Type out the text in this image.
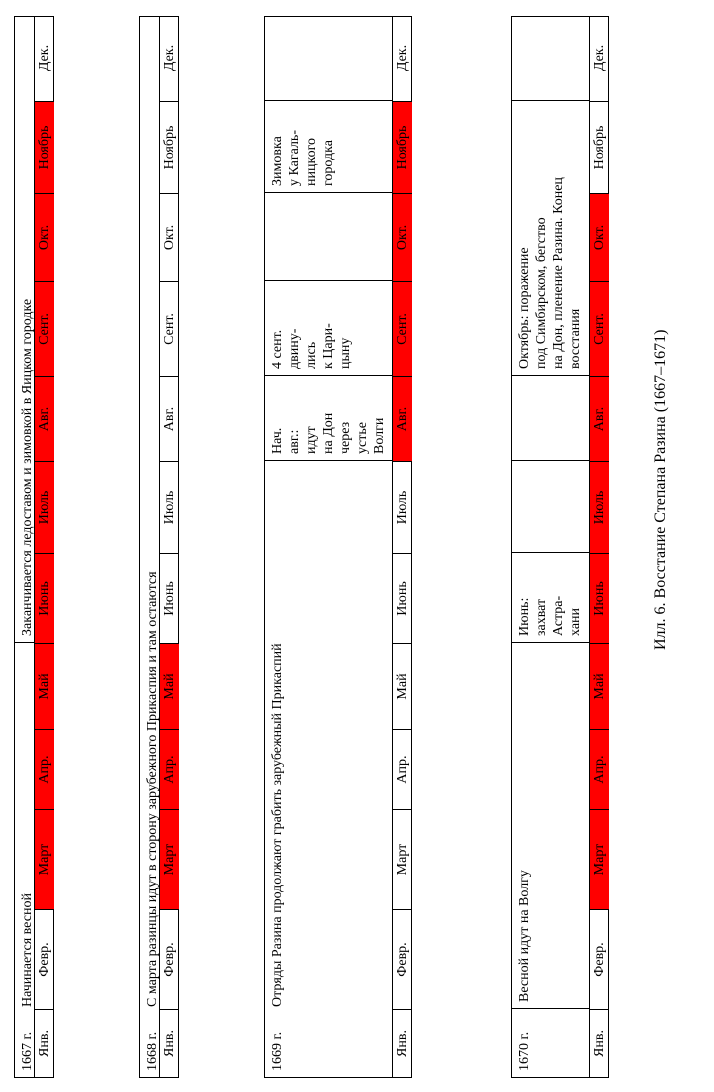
1667 г.
Начинается весной
Заканчивается ледоставом и зимовкой в Яицком городке
Янв.
Февр.
Март
Апр.
Май
Июнь
Июль
Авг.
Сент.
Окт.
Ноябрь
Дек.
1668 г.
С марта разинцы идут в сторону зарубежного Прикаспия и там остаются
Янв.
Февр.
Март
Апр.
Май
Июнь
Июль
Авг.
Сент.
Окт.
Ноябрь
Дек.
1669 г.
Отряды Разина продолжают грабить зарубежный Прикаспий
Нач.
авг.:
идут
на Дон
через
устье
Волги
4 сент.
двину-
лись
к Цари-
цыну
Зимовка
у Кагаль-
ницкого
городка
Янв.
Февр.
Март
Апр.
Май
Июнь
Июль
Авг.
Сент.
Окт.
Ноябрь
Дек.
1670 г.
Весной идут на Волгу
Июнь:
захват
Астра-
хани
Октябрь: поражение
под Симбирском, бегство
на Дон, пленение Разина. Конец
восстания
Янв.
Февр.
Март
Апр.
Май
Июнь
Июль
Авг.
Сент.
Окт.
Ноябрь
Дек.
Илл. 6. Восстание Степана Разина (1667–1671)
